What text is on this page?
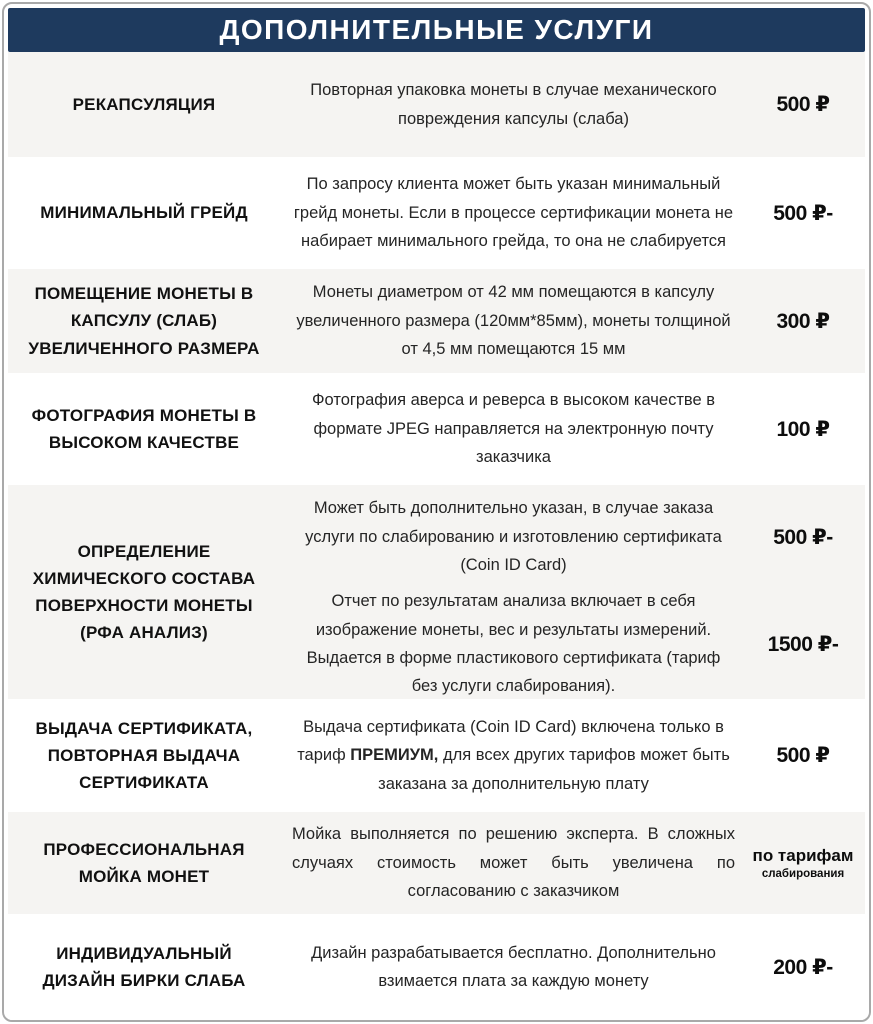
ДОПОЛНИТЕЛЬНЫЕ УСЛУГИ
РЕКАПСУЛЯЦИЯ
Повторная упаковка монеты в случае механического повреждения капсулы (слаба)
500 ₽
МИНИМАЛЬНЫЙ ГРЕЙД
По запросу клиента может быть указан минимальный грейд монеты. Если в процессе сертификации монета не набирает минимального грейда, то она не слабируется
500 ₽-
ПОМЕЩЕНИЕ МОНЕТЫ В КАПСУЛУ (СЛАБ) УВЕЛИЧЕННОГО РАЗМЕРА
Монеты диаметром от 42 мм помещаются в капсулу увеличенного размера (120мм*85мм), монеты толщиной от 4,5 мм помещаются 15 мм
300 ₽
ФОТОГРАФИЯ МОНЕТЫ В ВЫСОКОМ КАЧЕСТВЕ
Фотография аверса и реверса в высоком качестве в формате JPEG направляется на электронную почту заказчика
100 ₽
ОПРЕДЕЛЕНИЕ ХИМИЧЕСКОГО СОСТАВА ПОВЕРХНОСТИ МОНЕТЫ (РФА АНАЛИЗ)
Может быть дополнительно указан, в случае заказа услуги по слабированию и изготовлению сертификата (Coin ID Card)
500 ₽-
Отчет по результатам анализа включает в себя изображение монеты, вес и результаты измерений. Выдается в форме пластикового сертификата (тариф без услуги слабирования).
1500 ₽-
ВЫДАЧА СЕРТИФИКАТА, ПОВТОРНАЯ ВЫДАЧА СЕРТИФИКАТА
Выдача сертификата (Coin ID Card) включена только в тариф ПРЕМИУМ, для всех других тарифов может быть заказана за дополнительную плату
500 ₽
ПРОФЕССИОНАЛЬНАЯ МОЙКА МОНЕТ
Мойка выполняется по решению эксперта. В сложных случаях стоимость может быть увеличена по согласованию с заказчиком
по тарифам
слабирования
ИНДИВИДУАЛЬНЫЙ ДИЗАЙН БИРКИ СЛАБА
Дизайн разрабатывается бесплатно. Дополнительно взимается плата за каждую монету
200 ₽-
